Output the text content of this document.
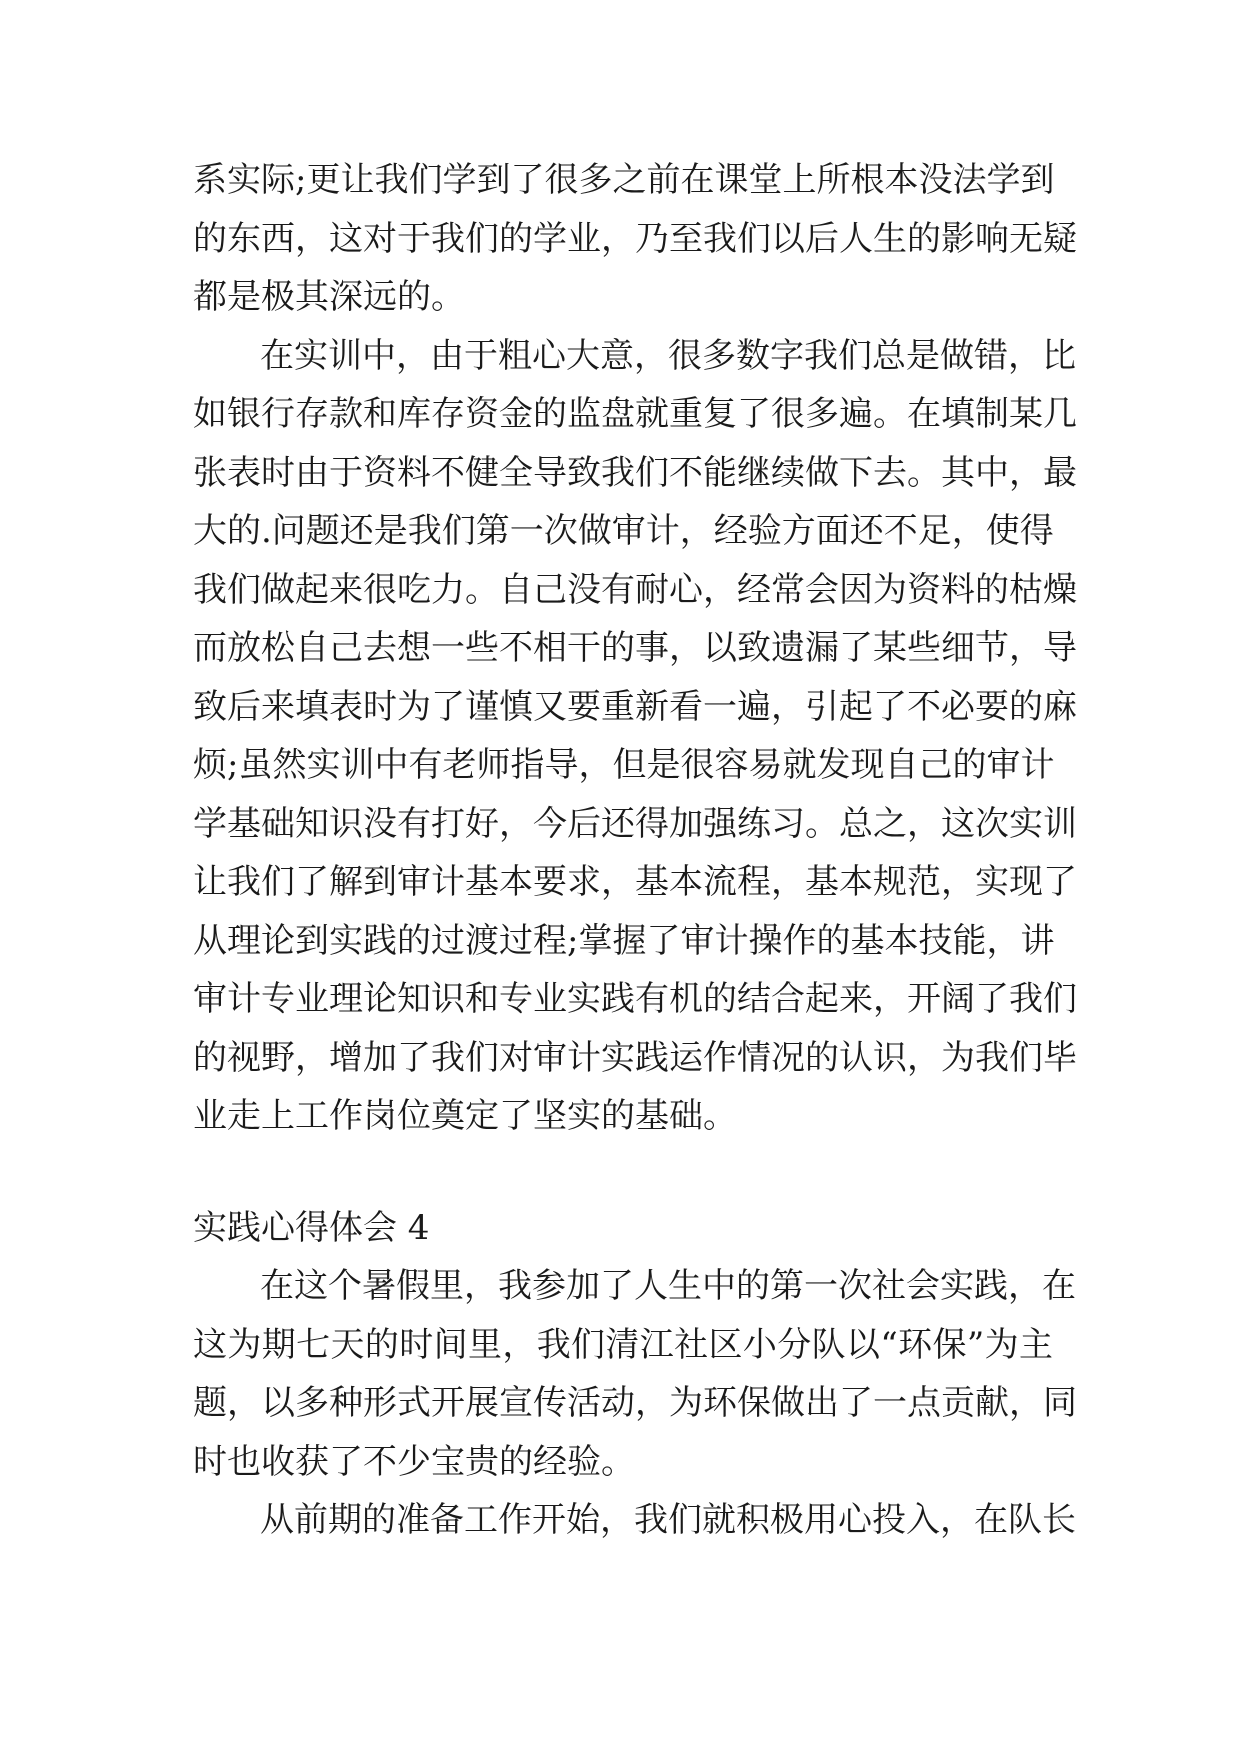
系实际;更让我们学到了很多之前在课堂上所根本没法学到
的东西，这对于我们的学业，乃至我们以后人生的影响无疑
都是极其深远的。
在实训中，由于粗心大意，很多数字我们总是做错，比
如银行存款和库存资金的监盘就重复了很多遍。在填制某几
张表时由于资料不健全导致我们不能继续做下去。其中，最
大的.问题还是我们第一次做审计，经验方面还不足，使得
我们做起来很吃力。自己没有耐心，经常会因为资料的枯燥
而放松自己去想一些不相干的事，以致遗漏了某些细节，导
致后来填表时为了谨慎又要重新看一遍，引起了不必要的麻
烦;虽然实训中有老师指导，但是很容易就发现自己的审计
学基础知识没有打好，今后还得加强练习。总之，这次实训
让我们了解到审计基本要求，基本流程，基本规范，实现了
从理论到实践的过渡过程;掌握了审计操作的基本技能，讲
审计专业理论知识和专业实践有机的结合起来，开阔了我们
的视野，增加了我们对审计实践运作情况的认识，为我们毕
业走上工作岗位奠定了坚实的基础。
实践心得体会 4
在这个暑假里，我参加了人生中的第一次社会实践，在
这为期七天的时间里，我们清江社区小分队以“环保”为主
题，以多种形式开展宣传活动，为环保做出了一点贡献，同
时也收获了不少宝贵的经验。
从前期的准备工作开始，我们就积极用心投入，在队长
